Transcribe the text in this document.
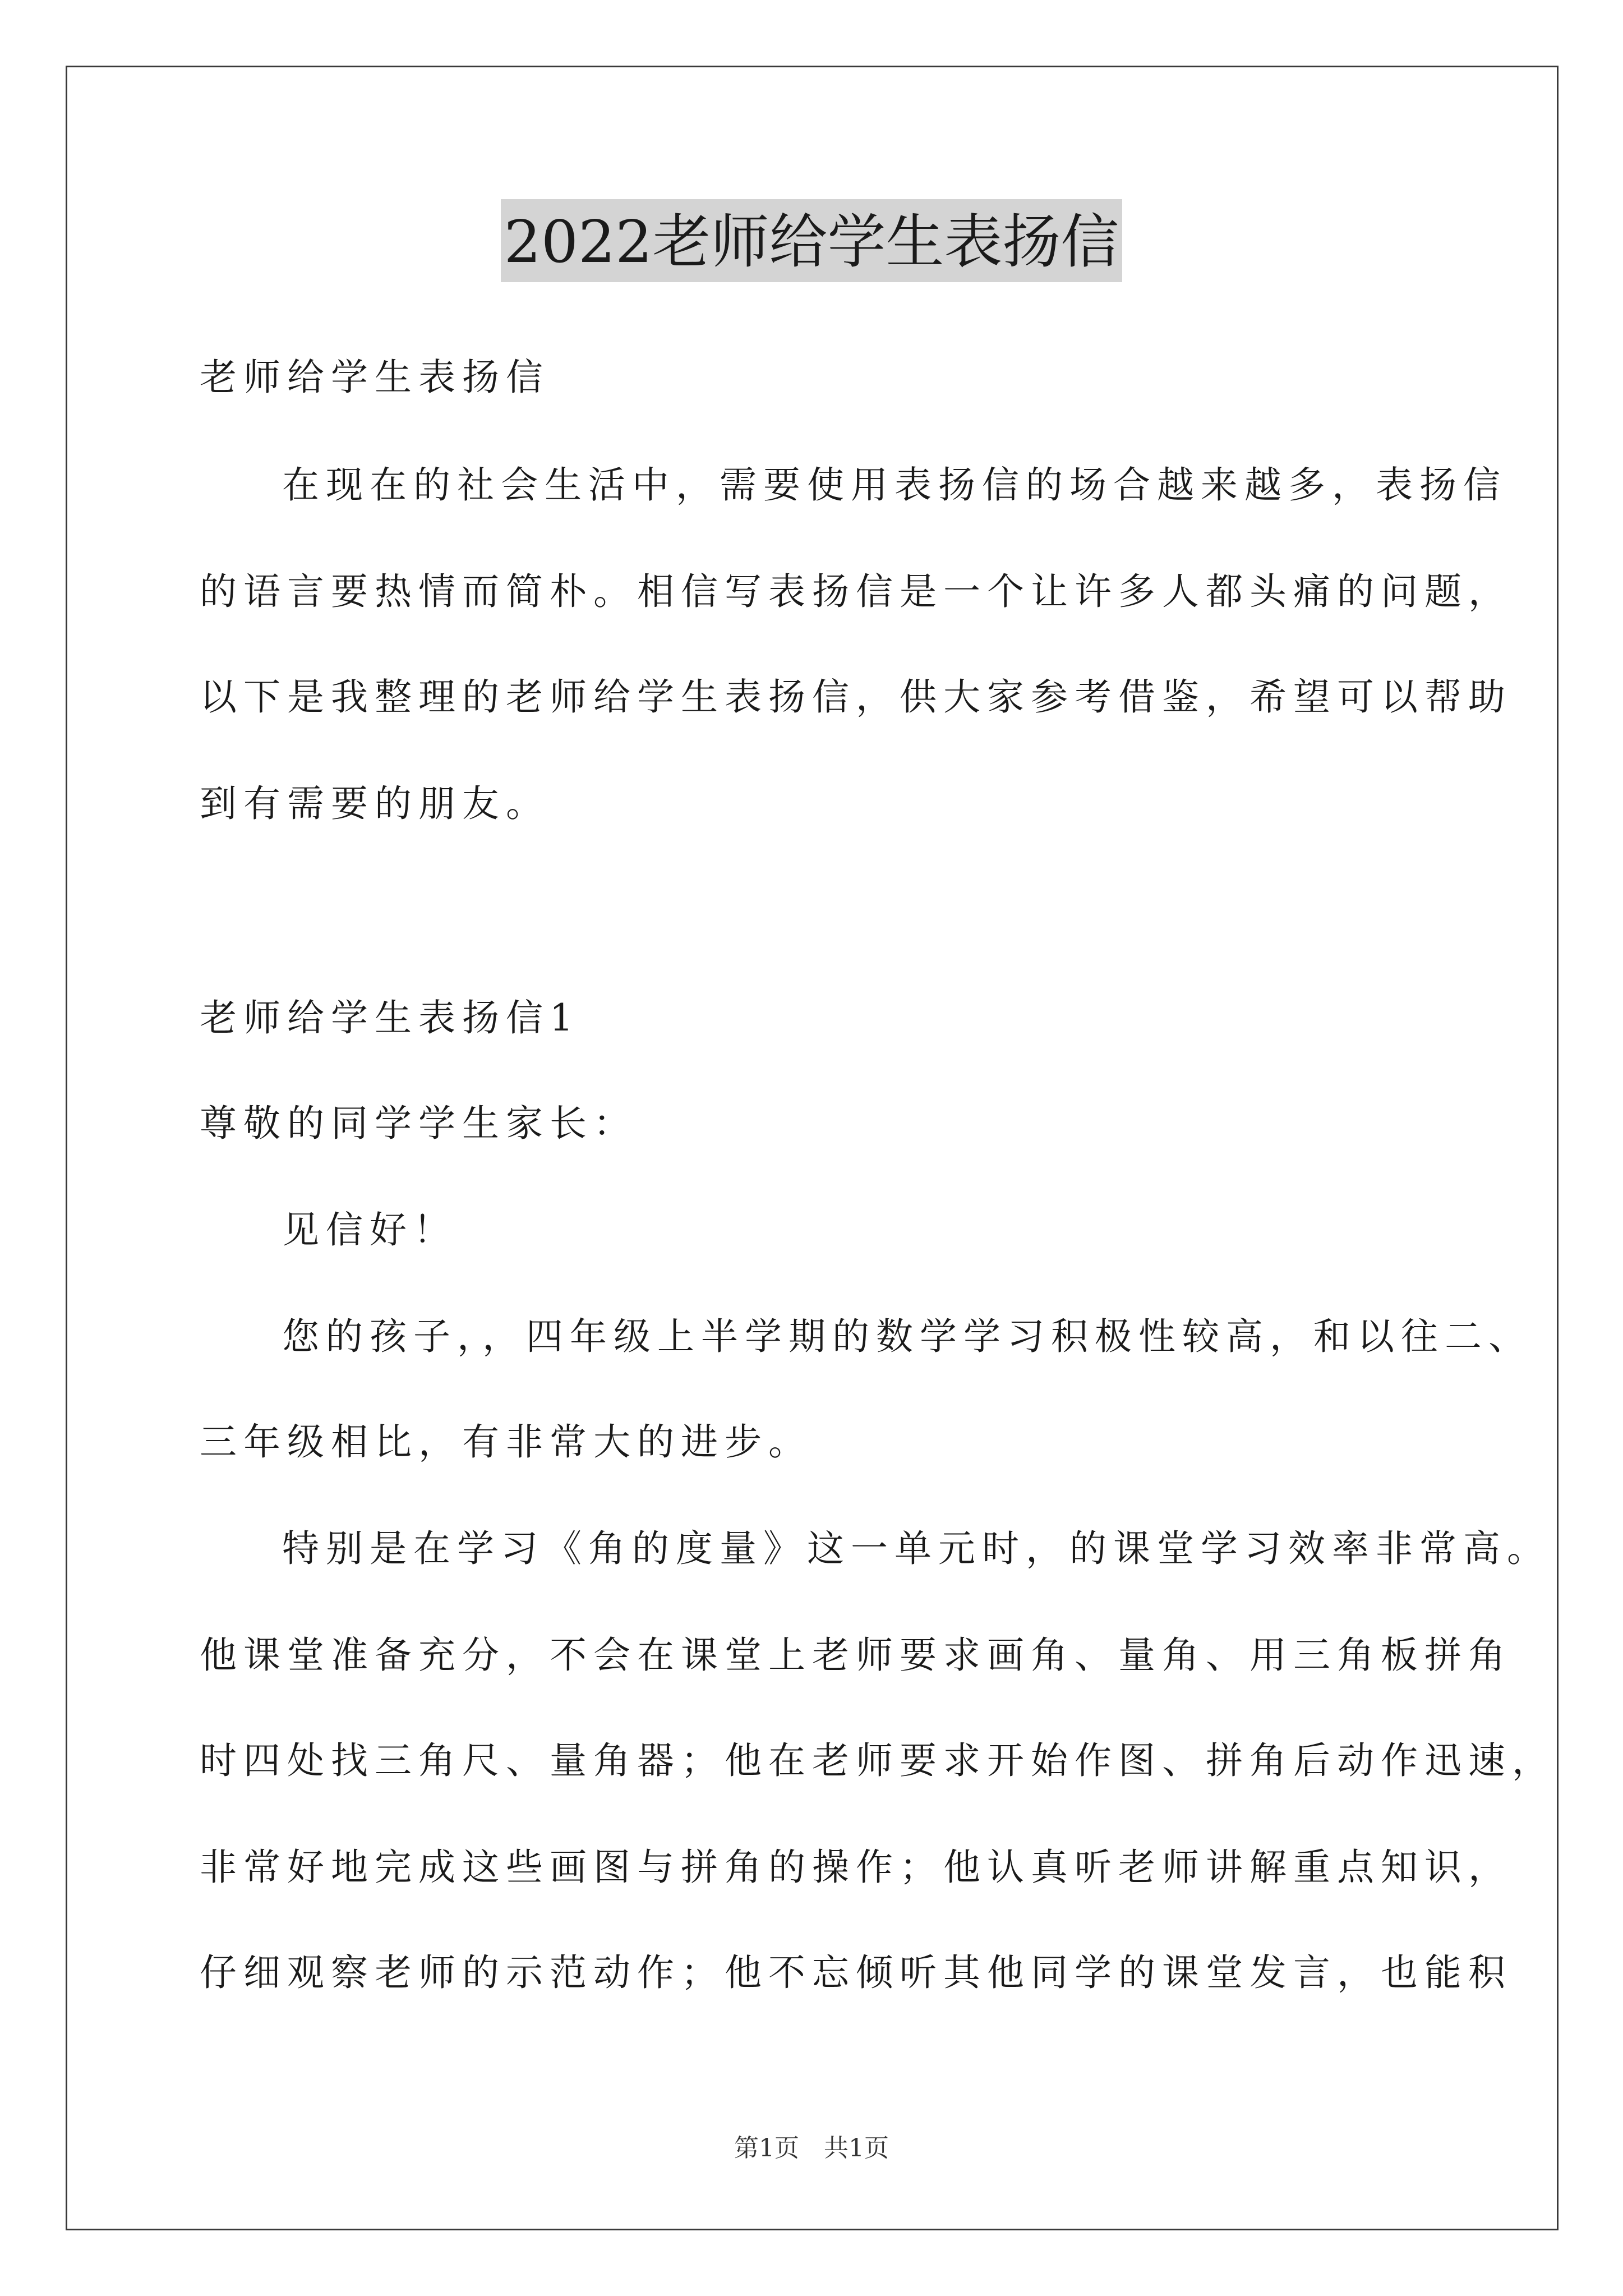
2022老师给学生表扬信
老师给学生表扬信
在现在的社会生活中，需要使用表扬信的场合越来越多，表扬信
的语言要热情而简朴。相信写表扬信是一个让许多人都头痛的问题，
以下是我整理的老师给学生表扬信，供大家参考借鉴，希望可以帮助
到有需要的朋友。
老师给学生表扬信1
尊敬的同学学生家长：
见信好！
您的孩子，，四年级上半学期的数学学习积极性较高，和以往二、
三年级相比，有非常大的进步。
特别是在学习《角的度量》这一单元时，的课堂学习效率非常高。
他课堂准备充分，不会在课堂上老师要求画角、量角、用三角板拼角
时四处找三角尺、量角器；他在老师要求开始作图、拼角后动作迅速，
非常好地完成这些画图与拼角的操作；他认真听老师讲解重点知识，
仔细观察老师的示范动作；他不忘倾听其他同学的课堂发言，也能积
第1页　共1页
